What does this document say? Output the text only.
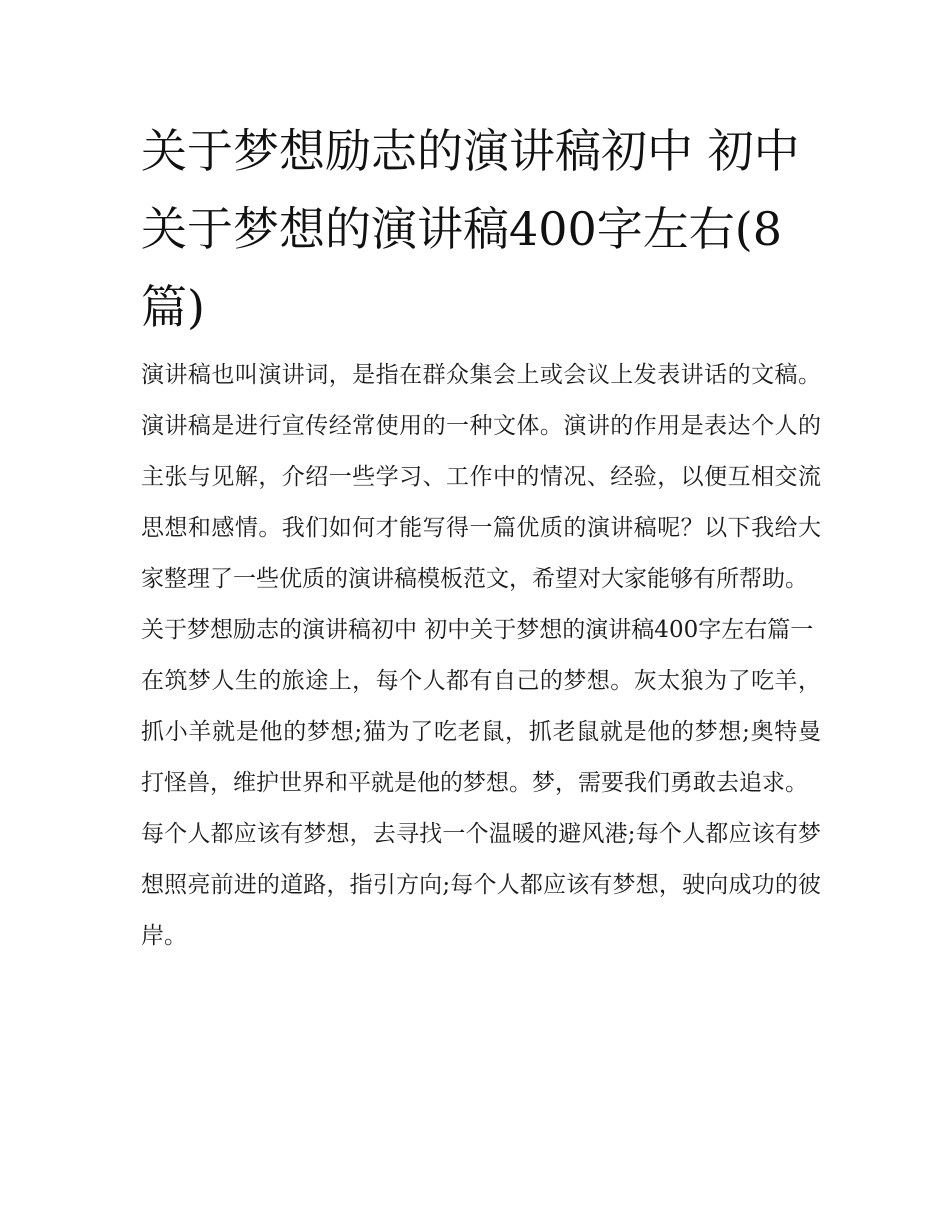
关于梦想励志的演讲稿初中 初中关于梦想的演讲稿400字左右(8篇)

演讲稿也叫演讲词，是指在群众集会上或会议上发表讲话的文稿。演讲稿是进行宣传经常使用的一种文体。演讲的作用是表达个人的主张与见解，介绍一些学习、工作中的情况、经验，以便互相交流思想和感情。我们如何才能写得一篇优质的演讲稿呢？以下我给大家整理了一些优质的演讲稿模板范文，希望对大家能够有所帮助。

关于梦想励志的演讲稿初中 初中关于梦想的演讲稿400字左右篇一

在筑梦人生的旅途上，每个人都有自己的梦想。灰太狼为了吃羊，抓小羊就是他的梦想;猫为了吃老鼠，抓老鼠就是他的梦想;奥特曼打怪兽，维护世界和平就是他的梦想。梦，需要我们勇敢去追求。

每个人都应该有梦想，去寻找一个温暖的避风港;每个人都应该有梦想照亮前进的道路，指引方向;每个人都应该有梦想，驶向成功的彼岸。
